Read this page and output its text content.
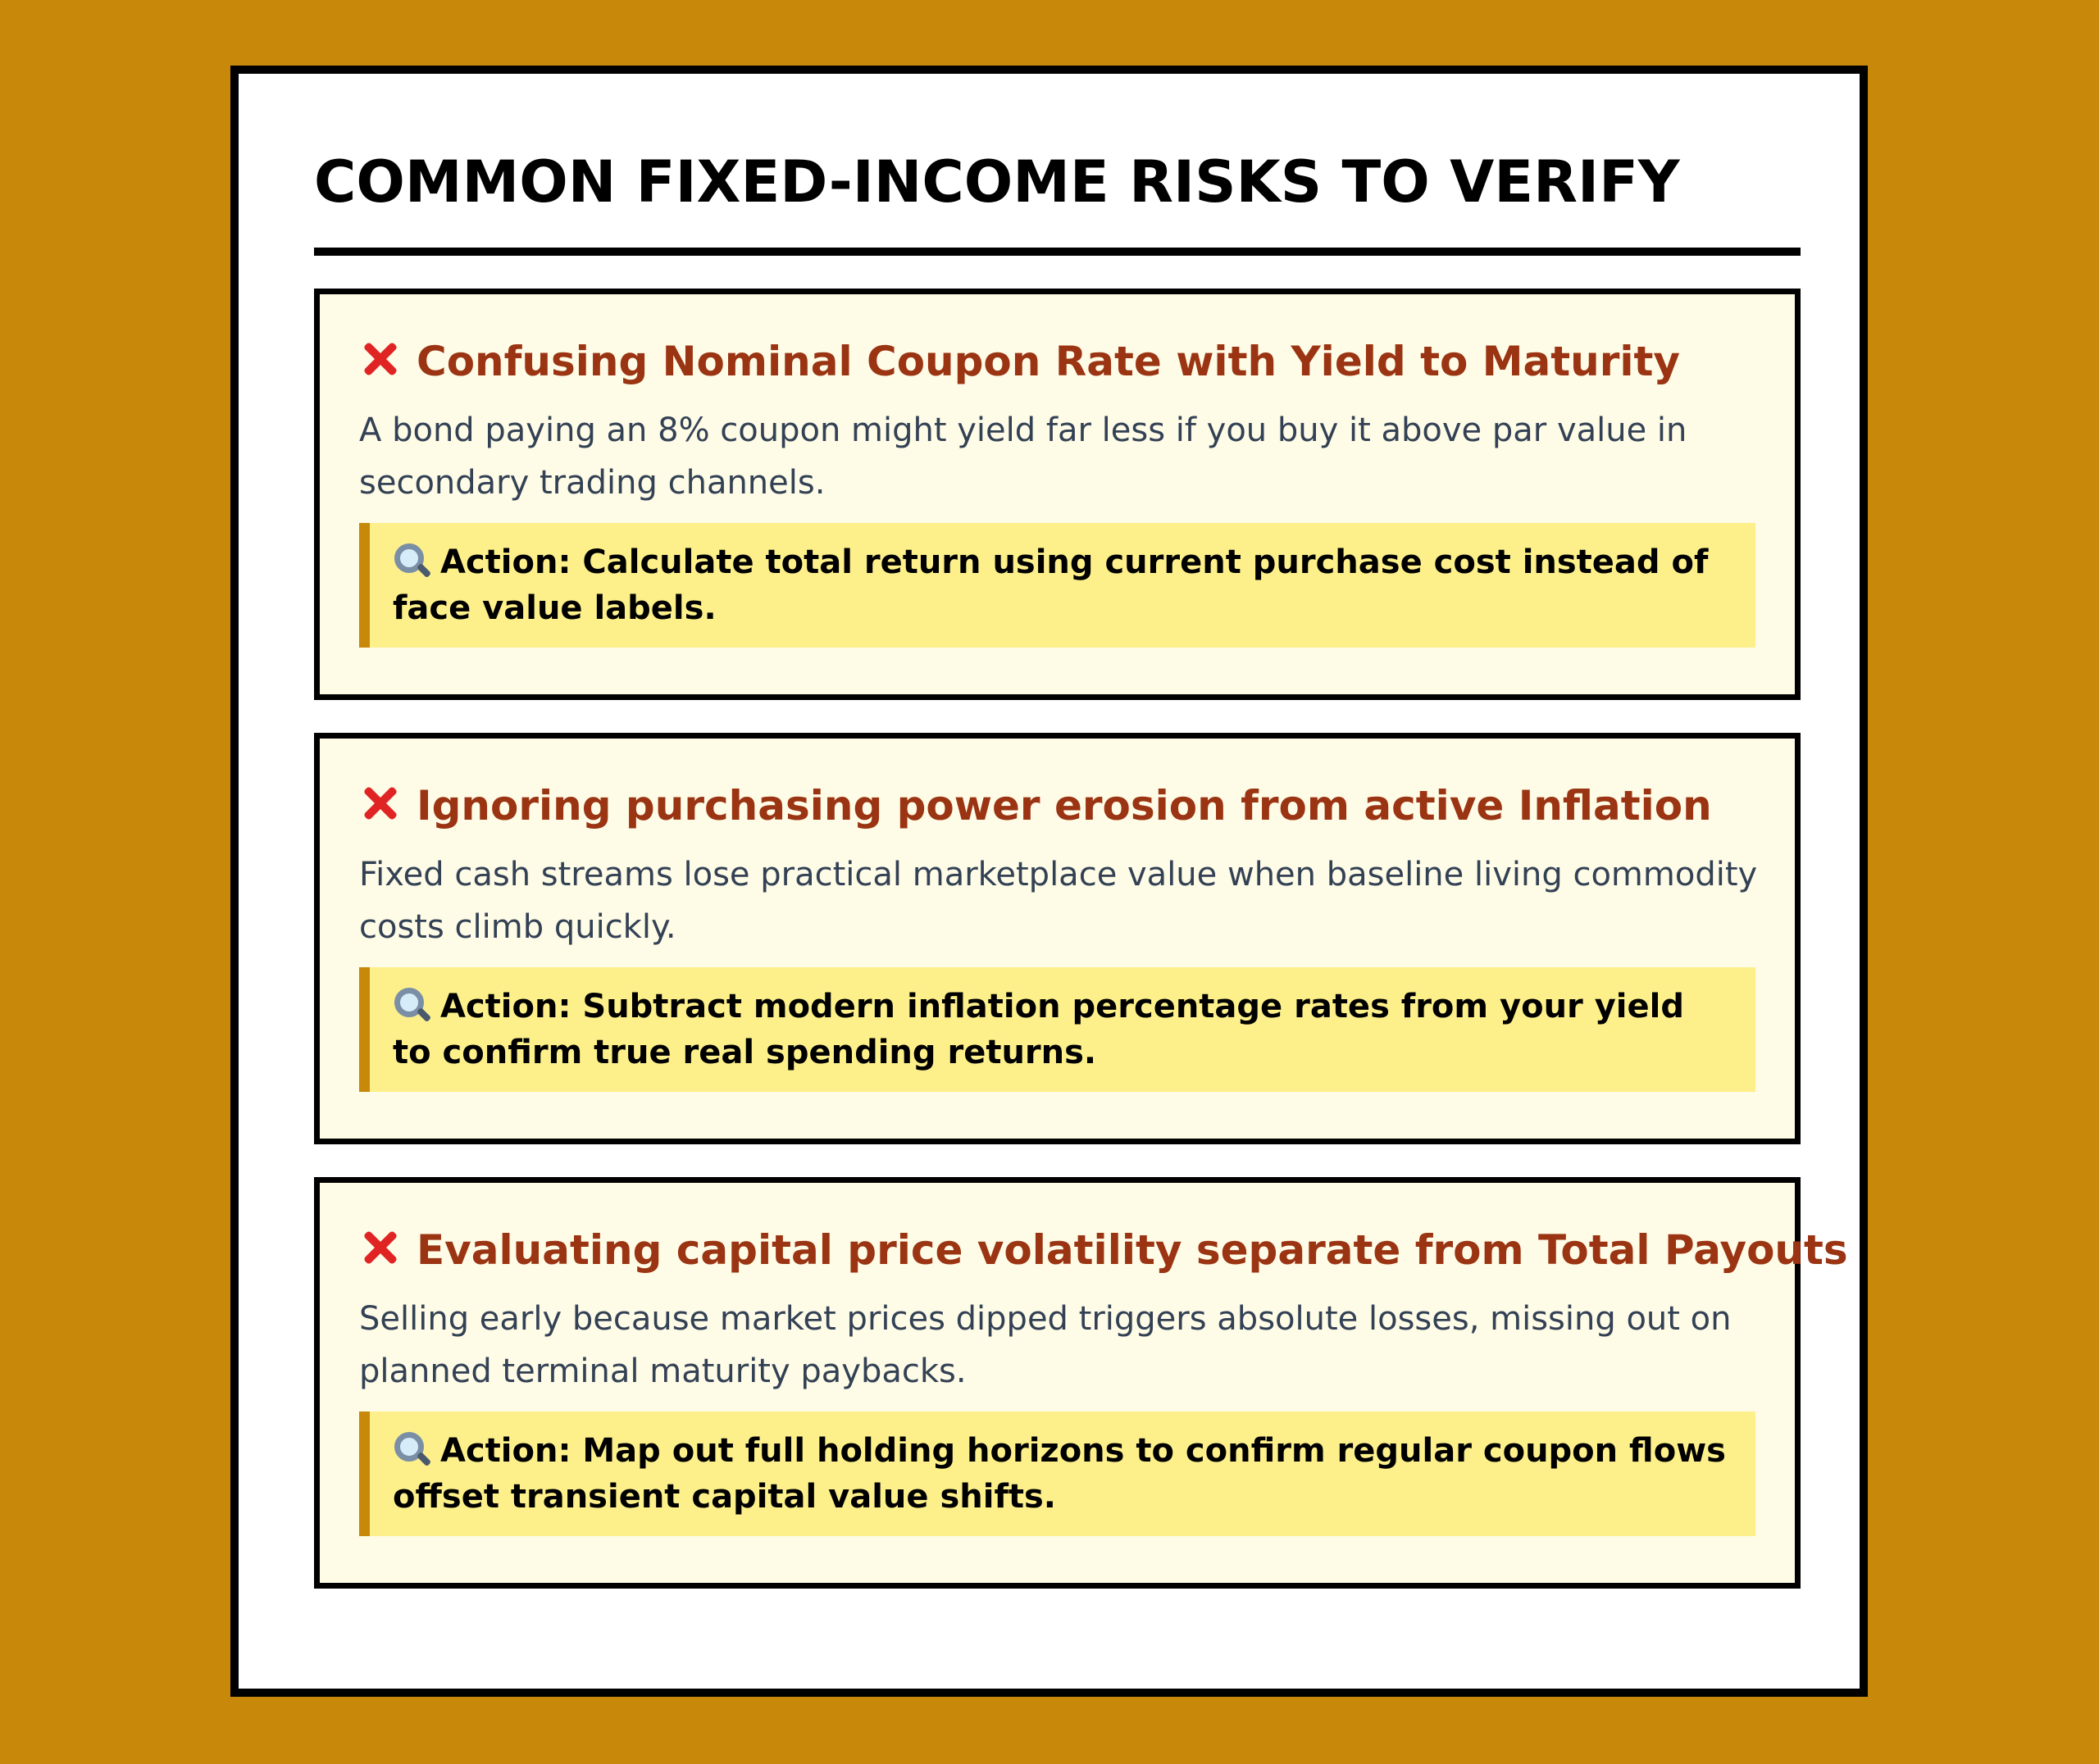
COMMON FIXED-INCOME RISKS TO VERIFY
Confusing Nominal Coupon Rate with Yield to Maturity

A bond paying an 8% coupon might yield far less if you buy it above par value in secondary trading channels.

Action: Calculate total return using current purchase cost instead of face value labels.
Ignoring purchasing power erosion from active Inflation

Fixed cash streams lose practical marketplace value when baseline living commodity costs climb quickly.

Action: Subtract modern inflation percentage rates from your yield to confirm true real spending returns.
Evaluating capital price volatility separate from Total Payouts

Selling early because market prices dipped triggers absolute losses, missing out on planned terminal maturity paybacks.

Action: Map out full holding horizons to confirm regular coupon flows offset transient capital value shifts.
